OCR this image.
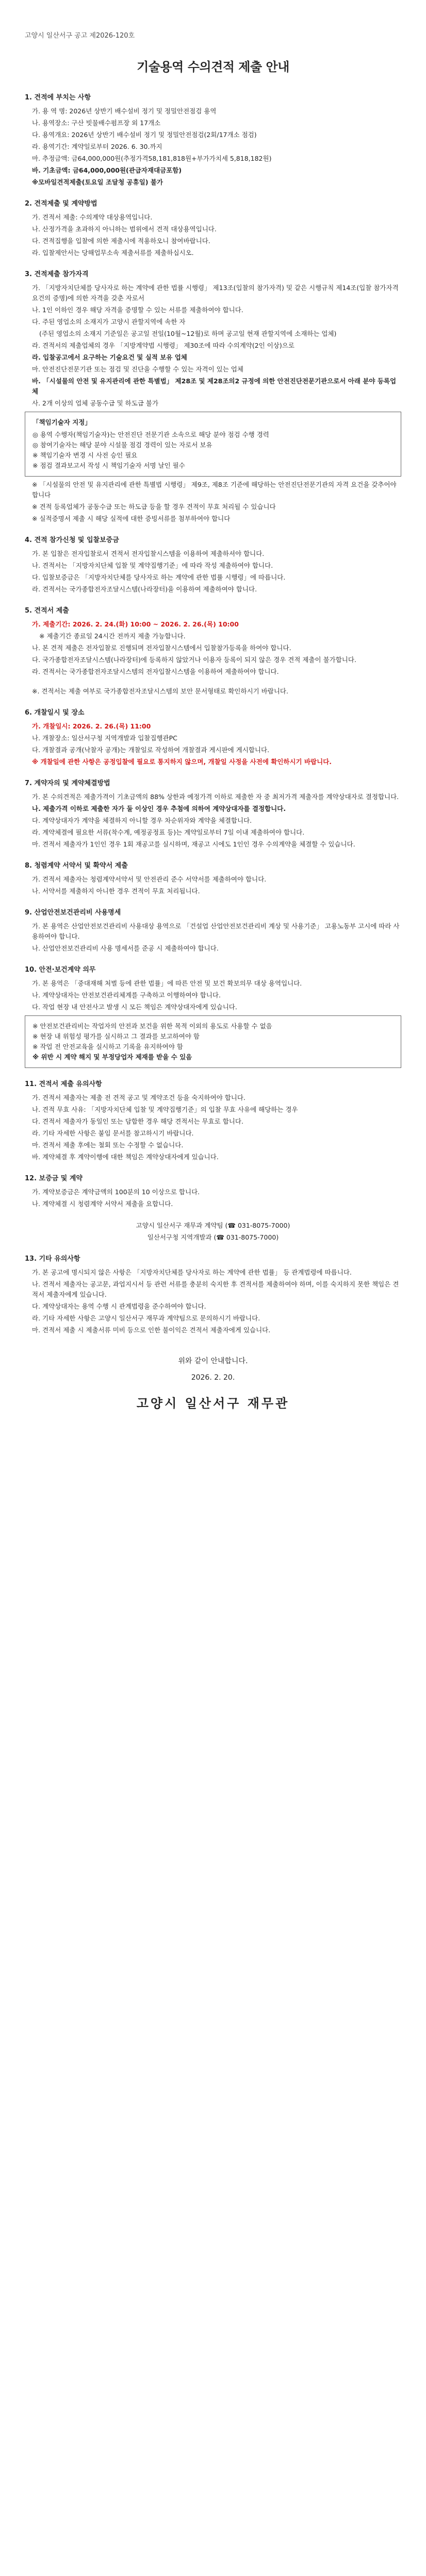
고양시 일산서구 공고 제2026-120호
기술용역 수의견적 제출 안내
1. 견적에 부치는 사항
가. 용 역 명: 2026년 상반기 배수설비 정기 및 정밀안전점검 용역
나. 용역장소: 구산 빗물배수펌프장 외 17개소
다. 용역개요: 2026년 상반기 배수설비 정기 및 정밀안전점검(2회/17개소 점검)
라. 용역기간: 계약일로부터 2026. 6. 30.까지
마. 추정금액: 금64,000,000원(추정가격58,181,818원+부가가치세 5,818,182원)
바. 기초금액: 금64,000,000원(관급자재대금포함)
※모바일견적제출(토요일 조달청 공휴일) 불가
2. 견적제출 및 계약방법
가. 견적서 제출: 수의계약 대상용역입니다.
나. 산정가격을 초과하지 아니하는 범위에서 견적 대상용역입니다.
다. 견적집행을 입찰에 의한 제출시에 적용하오니 참여바랍니다.
라. 입찰제안서는 당해업무소속 제출서류를 제출하십시오.
3. 견적제출 참가자격
가. 「지방자치단체를 당사자로 하는 계약에 관한 법률 시행령」 제13조(입찰의 참가자격) 및 같은 시행규칙 제14조(입찰 참가자격 요건의 증명)에 의한 자격을 갖춘 자로서
나. 1인 이하인 경우 해당 자격을 증명할 수 있는 서류를 제출하여야 합니다.
다. 주된 영업소의 소재지가 고양시 관할지역에 속한 자
(주된 영업소의 소재지 기준일은 공고일 전일(10월~12월)로 하며 공고일 현재 관할지역에 소재하는 업체)
라. 견적서의 제출업체의 경우 「지방계약법 시행령」 제30조에 따라 수의계약(2인 이상)으로
라. 입찰공고에서 요구하는 기술요건 및 실적 보유 업체
마. 안전진단전문기관 또는 점검 및 진단을 수행할 수 있는 자격이 있는 업체
바. 「시설물의 안전 및 유지관리에 관한 특별법」 제28조 및 제28조의2 규정에 의한 안전진단전문기관으로서 아래 분야 등록업체
사. 2개 이상의 업체 공동수급 및 하도급 불가
「책임기술자 지정」
◎ 용역 수행자(책임기술자)는 안전진단 전문기관 소속으로 해당 분야 점검 수행 경력
◎ 참여기술자는 해당 분야 시설물 점검 경력이 있는 자로서 보유
※ 책임기술자 변경 시 사전 승인 필요
※ 점검 결과보고서 작성 시 책임기술자 서명 날인 필수
※ 「시설물의 안전 및 유지관리에 관한 특별법 시행령」 제9조, 제8조 기준에 해당하는 안전진단전문기관의 자격 요건을 갖추어야 합니다
※ 견적 등록업체가 공동수급 또는 하도급 등을 할 경우 견적이 무효 처리될 수 있습니다
※ 실적증명서 제출 시 해당 실적에 대한 증빙서류를 첨부하여야 합니다
4. 견적 참가신청 및 입찰보증금
가. 본 입찰은 전자입찰로서 견적서 전자입찰시스템을 이용하여 제출하셔야 합니다.
나. 견적서는 「지방자치단체 입찰 및 계약집행기준」에 따라 작성 제출하여야 합니다.
다. 입찰보증금은 「지방자치단체를 당사자로 하는 계약에 관한 법률 시행령」에 따릅니다.
라. 견적서는 국가종합전자조달시스템(나라장터)을 이용하여 제출하여야 합니다.
5. 견적서 제출
가. 제출기간: 2026. 2. 24.(화) 10:00 ~ 2026. 2. 26.(목) 10:00
※ 제출기간 종료일 24시간 전까지 제출 가능합니다.
나. 본 견적 제출은 전자입찰로 진행되며 전자입찰시스템에서 입찰참가등록을 하여야 합니다.
다. 국가종합전자조달시스템(나라장터)에 등록하지 않았거나 이용자 등록이 되지 않은 경우 견적 제출이 불가합니다.
라. 견적서는 국가종합전자조달시스템의 전자입찰시스템을 이용하여 제출하여야 합니다.
※. 견적서는 제출 여부로 국가종합전자조달시스템의 보안 문서형태로 확인하시기 바랍니다.
6. 개찰일시 및 장소
가. 개찰일시: 2026. 2. 26.(목) 11:00
나. 개찰장소: 일산서구청 지역개발과 입찰집행관PC
다. 개찰결과 공개(낙찰자 공개)는 개찰일로 작성하여 개찰결과 게시판에 게시합니다.
※ 개찰일에 관한 사항은 공정입찰에 필요로 통지하지 않으며, 개찰일 사정을 사전에 확인하시기 바랍니다.
7. 계약자의 및 계약체결방법
가. 본 수의견적은 제출가격이 기초금액의 88% 상한과 예정가격 이하로 제출한 자 중 최저가격 제출자를 계약상대자로 결정합니다.
나. 제출가격 이하로 제출한 자가 둘 이상인 경우 추첨에 의하여 계약상대자를 결정합니다.
다. 계약상대자가 계약을 체결하지 아니할 경우 차순위자와 계약을 체결합니다.
라. 계약체결에 필요한 서류(착수계, 예정공정표 등)는 계약일로부터 7일 이내 제출하여야 합니다.
마. 견적서 제출자가 1인인 경우 1회 재공고를 실시하며, 재공고 시에도 1인인 경우 수의계약을 체결할 수 있습니다.
8. 청렴계약 서약서 및 확약서 제출
가. 견적서 제출자는 청렴계약서약서 및 안전관리 준수 서약서를 제출하여야 합니다.
나. 서약서를 제출하지 아니한 경우 견적이 무효 처리됩니다.
9. 산업안전보건관리비 사용명세
가. 본 용역은 산업안전보건관리비 사용대상 용역으로 「건설업 산업안전보건관리비 계상 및 사용기준」 고용노동부 고시에 따라 사용하여야 합니다.
나. 산업안전보건관리비 사용 명세서를 준공 시 제출하여야 합니다.
10. 안전·보건계약 의무
가. 본 용역은 「중대재해 처벌 등에 관한 법률」에 따른 안전 및 보건 확보의무 대상 용역입니다.
나. 계약상대자는 안전보건관리체계를 구축하고 이행하여야 합니다.
다. 작업 현장 내 안전사고 발생 시 모든 책임은 계약상대자에게 있습니다.
※ 안전보건관리비는 작업자의 안전과 보건을 위한 목적 이외의 용도로 사용할 수 없음
※ 현장 내 위험성 평가를 실시하고 그 결과를 보고하여야 함
※ 작업 전 안전교육을 실시하고 기록을 유지하여야 함
※ 위반 시 계약 해지 및 부정당업자 제재를 받을 수 있음
11. 견적서 제출 유의사항
가. 견적서 제출자는 제출 전 견적 공고 및 계약조건 등을 숙지하여야 합니다.
나. 견적 무효 사유: 「지방자치단체 입찰 및 계약집행기준」의 입찰 무효 사유에 해당하는 경우
다. 견적서 제출자가 동일인 또는 담합한 경우 해당 견적서는 무효로 합니다.
라. 기타 자세한 사항은 붙임 문서를 참고하시기 바랍니다.
마. 견적서 제출 후에는 철회 또는 수정할 수 없습니다.
바. 계약체결 후 계약이행에 대한 책임은 계약상대자에게 있습니다.
12. 보증금 및 계약
가. 계약보증금은 계약금액의 100분의 10 이상으로 합니다.
나. 계약체결 시 청렴계약 서약서 제출을 요합니다.
고양시 일산서구 재무과 계약팀 (☎ 031-8075-7000)
일산서구청 지역개발과 (☎ 031-8075-7000)
13. 기타 유의사항
가. 본 공고에 명시되지 않은 사항은 「지방자치단체를 당사자로 하는 계약에 관한 법률」 등 관계법령에 따릅니다.
나. 견적서 제출자는 공고문, 과업지시서 등 관련 서류를 충분히 숙지한 후 견적서를 제출하여야 하며, 이를 숙지하지 못한 책임은 견적서 제출자에게 있습니다.
다. 계약상대자는 용역 수행 시 관계법령을 준수하여야 합니다.
라. 기타 자세한 사항은 고양시 일산서구 재무과 계약팀으로 문의하시기 바랍니다.
마. 견적서 제출 시 제출서류 미비 등으로 인한 불이익은 견적서 제출자에게 있습니다.
위와 같이 안내합니다.
2026. 2. 20.
고양시 일산서구 재무관
